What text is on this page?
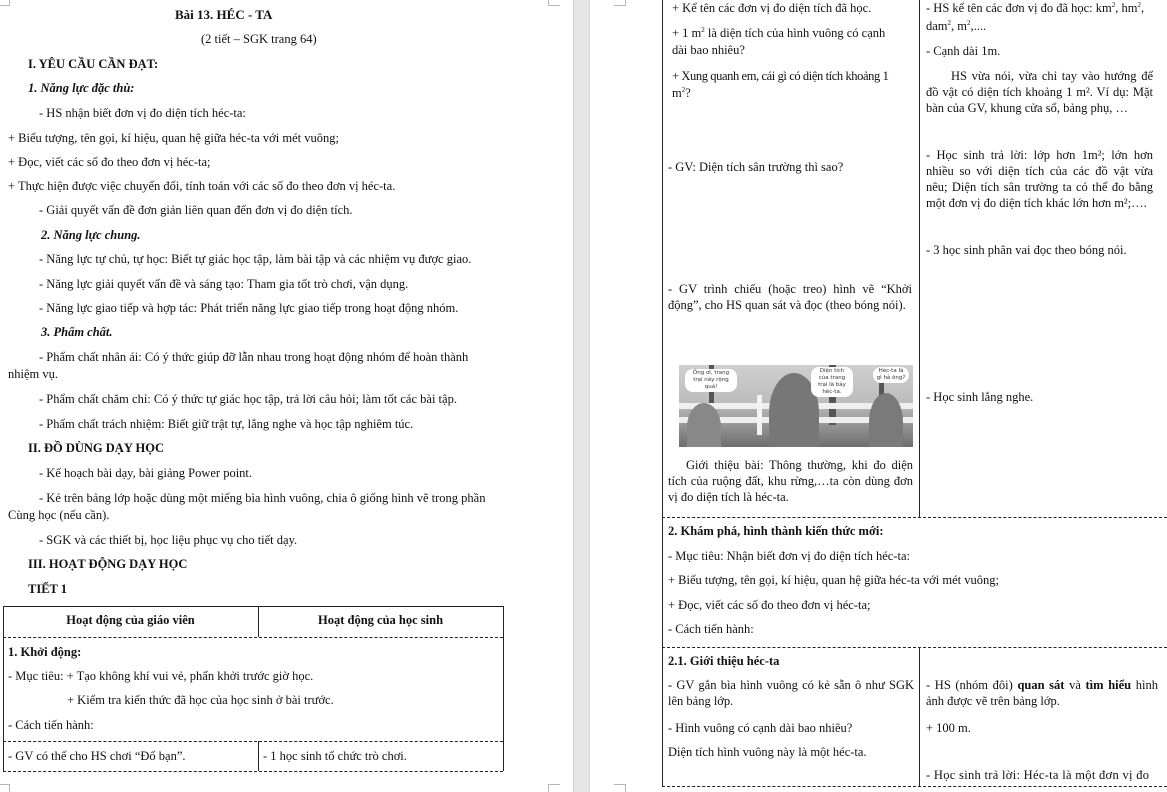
Bài 13. HÉC - TA
(2 tiết – SGK trang 64)
I. YÊU CẦU CẦN ĐẠT:
1. Năng lực đặc thù:
- HS nhận biết đơn vị đo diện tích héc-ta:
+ Biểu tượng, tên gọi, kí hiệu, quan hệ giữa héc-ta với mét vuông;
+ Đọc, viết các số đo theo đơn vị héc-ta;
+ Thực hiện được việc chuyển đổi, tính toán với các số đo theo đơn vị héc-ta.
- Giải quyết vấn đề đơn giản liên quan đến đơn vị đo diện tích.
2. Năng lực chung.
- Năng lực tự chủ, tự học: Biết tự giác học tập, làm bài tập và các nhiệm vụ được giao.
- Năng lực giải quyết vấn đề và sáng tạo: Tham gia tốt trò chơi, vận dụng.
- Năng lực giao tiếp và hợp tác: Phát triển năng lực giao tiếp trong hoạt động nhóm.
3. Phẩm chất.
- Phẩm chất nhân ái: Có ý thức giúp đỡ lẫn nhau trong hoạt động nhóm để hoàn thành
nhiệm vụ.
- Phẩm chất chăm chỉ: Có ý thức tự giác học tập, trả lời câu hỏi; làm tốt các bài tập.
- Phẩm chất trách nhiệm: Biết giữ trật tự, lắng nghe và học tập nghiêm túc.
II. ĐỒ DÙNG DẠY HỌC
- Kế hoạch bài dạy, bài giảng Power point.
- Kẻ trên bảng lớp hoặc dùng một miếng bìa hình vuông, chia ô giống hình vẽ trong phần
Cùng học (nếu cần).
- SGK và các thiết bị, học liệu phục vụ cho tiết dạy.
III. HOẠT ĐỘNG DẠY HỌC
TIẾT 1
Hoạt động của giáo viên	Hoạt động của học sinh
1. Khởi động:
- Mục tiêu: + Tạo không khí vui vẻ, phấn khởi trước giờ học.
+ Kiểm tra kiến thức đã học của học sinh ở bài trước.
- Cách tiến hành:
- GV có thể cho HS chơi “Đố bạn”.	- 1 học sinh tổ chức trò chơi.
+ Kể tên các đơn vị đo diện tích đã học.
+ 1 $m^2$ là diện tích của hình vuông có cạnh
dài bao nhiêu?
+ Xung quanh em, cái gì có diện tích khoảng 1
$m^2$?
- GV: Diện tích sân trường thì sao?
- GV trình chiếu (hoặc treo) hình vẽ “Khởi động”, cho HS quan sát và đọc (theo bóng nói).
Ông ơi, trang trại này rộng quá!
Diện tích của trang trại là bảy héc-ta.
Héc-ta là gì hả ông?
Giới thiệu bài: Thông thường, khi đo diện tích của ruộng đất, khu rừng,…ta còn dùng đơn vị đo diện tích là héc-ta.
- HS kể tên các đơn vị đo đã học: $km^2$, $hm^2$,
dam$^2$, $m^2$,....
- Cạnh dài 1m.
HS vừa nói, vừa chỉ tay vào hướng để đồ vật có diện tích khoảng 1 m². Ví dụ: Mặt bàn của GV, khung cửa sổ, bảng phụ, …
- Học sinh trả lời: lớp hơn 1m²; lớn hơn nhiều so với diện tích của các đồ vật vừa nêu; Diện tích sân trường ta có thể đo bằng một đơn vị đo diện tích khác lớn hơn m²;….
- 3 học sinh phân vai đọc theo bóng nói.
- Học sinh lắng nghe.
2. Khám phá, hình thành kiến thức mới:
- Mục tiêu: Nhận biết đơn vị đo diện tích héc-ta:
+ Biểu tượng, tên gọi, kí hiệu, quan hệ giữa héc-ta với mét vuông;
+ Đọc, viết các số đo theo đơn vị héc-ta;
- Cách tiến hành:
2.1. Giới thiệu héc-ta
- GV gắn bìa hình vuông có kẻ sẵn ô như SGK lên bảng lớp.
- Hình vuông có cạnh dài bao nhiêu?
Diện tích hình vuông này là một héc-ta.
- HS (nhóm đôi) quan sát và tìm hiểu hình ảnh được vẽ trên bảng lớp.
+ 100 m.
- Học sinh trả lời: Héc-ta là một đơn vị đo
